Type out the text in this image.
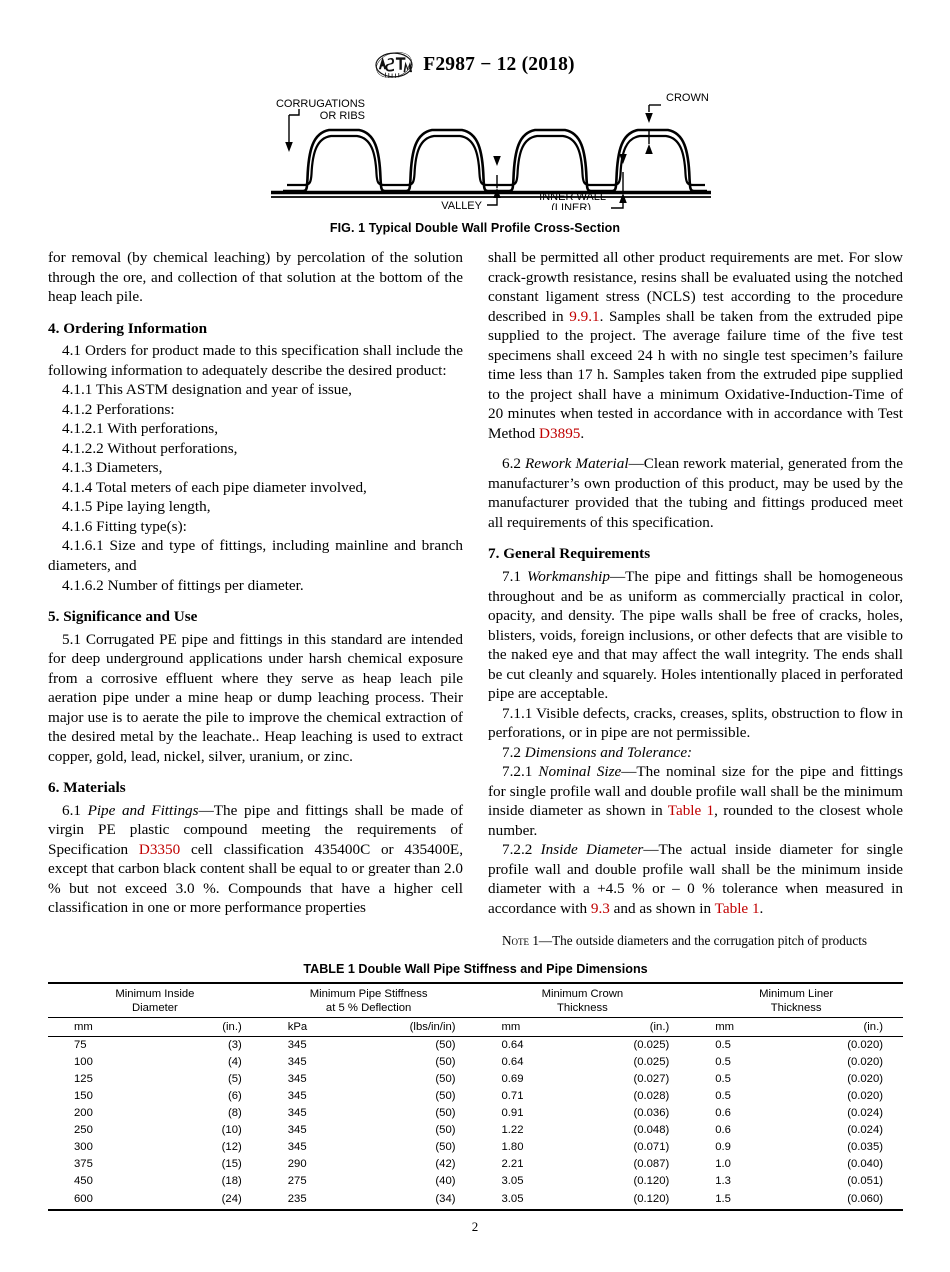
F2987 − 12 (2018)
CORRUGATIONS
OR RIBS
CROWN
VALLEY
INNER WALL
(LINER)
FIG. 1 Typical Double Wall Profile Cross-Section

for removal (by chemical leaching) by percolation of the solution through the ore, and collection of that solution at the bottom of the heap leach pile.

4. Ordering Information

4.1 Orders for product made to this specification shall include the following information to adequately describe the desired product:

4.1.1 This ASTM designation and year of issue,

4.1.2 Perforations:

4.1.2.1 With perforations,

4.1.2.2 Without perforations,

4.1.3 Diameters,

4.1.4 Total meters of each pipe diameter involved,

4.1.5 Pipe laying length,

4.1.6 Fitting type(s):

4.1.6.1 Size and type of fittings, including mainline and branch diameters, and

4.1.6.2 Number of fittings per diameter.

5. Significance and Use

5.1 Corrugated PE pipe and fittings in this standard are intended for deep underground applications under harsh chemical exposure from a corrosive effluent where they serve as heap leach pile aeration pipe under a mine heap or dump leaching process. Their major use is to aerate the pile to improve the chemical extraction of the desired metal by the leachate.. Heap leaching is used to extract copper, gold, lead, nickel, silver, uranium, or zinc.

6. Materials

6.1 Pipe and Fittings—The pipe and fittings shall be made of virgin PE plastic compound meeting the requirements of Specification D3350 cell classification 435400C or 435400E, except that carbon black content shall be equal to or greater than 2.0 % but not exceed 3.0 %. Compounds that have a higher cell classification in one or more performance properties

shall be permitted all other product requirements are met. For slow crack-growth resistance, resins shall be evaluated using the notched constant ligament stress (NCLS) test according to the procedure described in 9.9.1. Samples shall be taken from the extruded pipe supplied to the project. The average failure time of the five test specimens shall exceed 24 h with no single test specimen’s failure time less than 17 h. Samples taken from the extruded pipe supplied to the project shall have a minimum Oxidative-Induction-Time of 20 minutes when tested in accordance with in accordance with Test Method D3895.

6.2 Rework Material—Clean rework material, generated from the manufacturer’s own production of this product, may be used by the manufacturer provided that the tubing and fittings produced meet all requirements of this specification.

7. General Requirements

7.1 Workmanship—The pipe and fittings shall be homogeneous throughout and be as uniform as commercially practical in color, opacity, and density. The pipe walls shall be free of cracks, holes, blisters, voids, foreign inclusions, or other defects that are visible to the naked eye and that may affect the wall integrity. The ends shall be cut cleanly and squarely. Holes intentionally placed in perforated pipe are acceptable.

7.1.1 Visible defects, cracks, creases, splits, obstruction to flow in perforations, or in pipe are not permissible.

7.2 Dimensions and Tolerance:

7.2.1 Nominal Size—The nominal size for the pipe and fittings for single profile wall and double profile wall shall be the minimum inside diameter as shown in Table 1, rounded to the closest whole number.

7.2.2 Inside Diameter—The actual inside diameter for single profile wall and double profile wall shall be the minimum inside diameter with a +4.5 % or – 0 % tolerance when measured in accordance with 9.3 and as shown in Table 1.

Note 1—The outside diameters and the corrugation pitch of products

TABLE 1 Double Wall Pipe Stiffness and Pipe Dimensions

Minimum Inside
Diameter		Minimum Pipe Stiffness
at 5 % Deflection		Minimum Crown
Thickness		Minimum Liner
Thickness	

mm	(in.)	kPa	(lbs/in/in)	mm	(in.)	mm	(in.)
75	(3)	345	(50)	0.64	(0.025)	0.5	(0.020)
100	(4)	345	(50)	0.64	(0.025)	0.5	(0.020)
125	(5)	345	(50)	0.69	(0.027)	0.5	(0.020)
150	(6)	345	(50)	0.71	(0.028)	0.5	(0.020)
200	(8)	345	(50)	0.91	(0.036)	0.6	(0.024)
250	(10)	345	(50)	1.22	(0.048)	0.6	(0.024)
300	(12)	345	(50)	1.80	(0.071)	0.9	(0.035)
375	(15)	290	(42)	2.21	(0.087)	1.0	(0.040)
450	(18)	275	(40)	3.05	(0.120)	1.3	(0.051)
600	(24)	235	(34)	3.05	(0.120)	1.5	(0.060)
2
